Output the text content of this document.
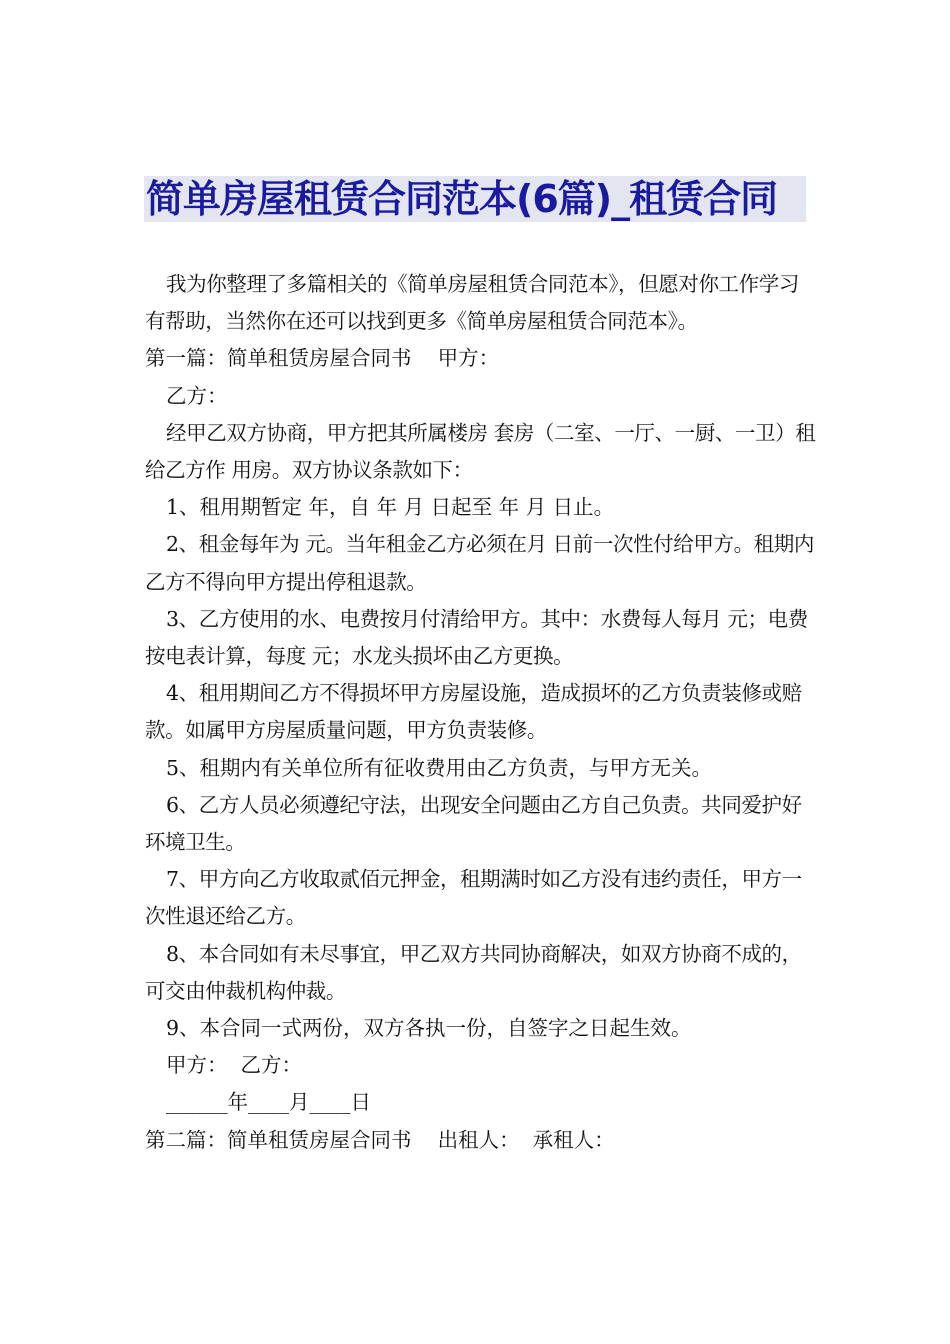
简单房屋租赁合同范本(6篇)_租赁合同

我为你整理了多篇相关的《简单房屋租赁合同范本》，但愿对你工作学习有帮助，当然你在还可以找到更多《简单房屋租赁合同范本》。

第一篇：简单租赁房屋合同书    甲方：

乙方：

经甲乙双方协商，甲方把其所属楼房 套房（二室、一厅、一厨、一卫）租给乙方作 用房。双方协议条款如下：

1、租用期暂定 年，自 年 月 日起至 年 月 日止。

2、租金每年为 元。当年租金乙方必须在月 日前一次性付给甲方。租期内乙方不得向甲方提出停租退款。

3、乙方使用的水、电费按月付清给甲方。其中：水费每人每月 元；电费按电表计算，每度 元；水龙头损坏由乙方更换。

4、租用期间乙方不得损坏甲方房屋设施，造成损坏的乙方负责装修或赔款。如属甲方房屋质量问题，甲方负责装修。

5、租期内有关单位所有征收费用由乙方负责，与甲方无关。

6、乙方人员必须遵纪守法，出现安全问题由乙方自己负责。共同爱护好环境卫生。

7、甲方向乙方收取贰佰元押金，租期满时如乙方没有违约责任，甲方一次性退还给乙方。

8、本合同如有未尽事宜，甲乙双方共同协商解决，如双方协商不成的，可交由仲裁机构仲裁。

9、本合同一式两份，双方各执一份，自签字之日起生效。

甲方：  乙方：

______年____月____日

第二篇：简单租赁房屋合同书    出租人：  承租人：
